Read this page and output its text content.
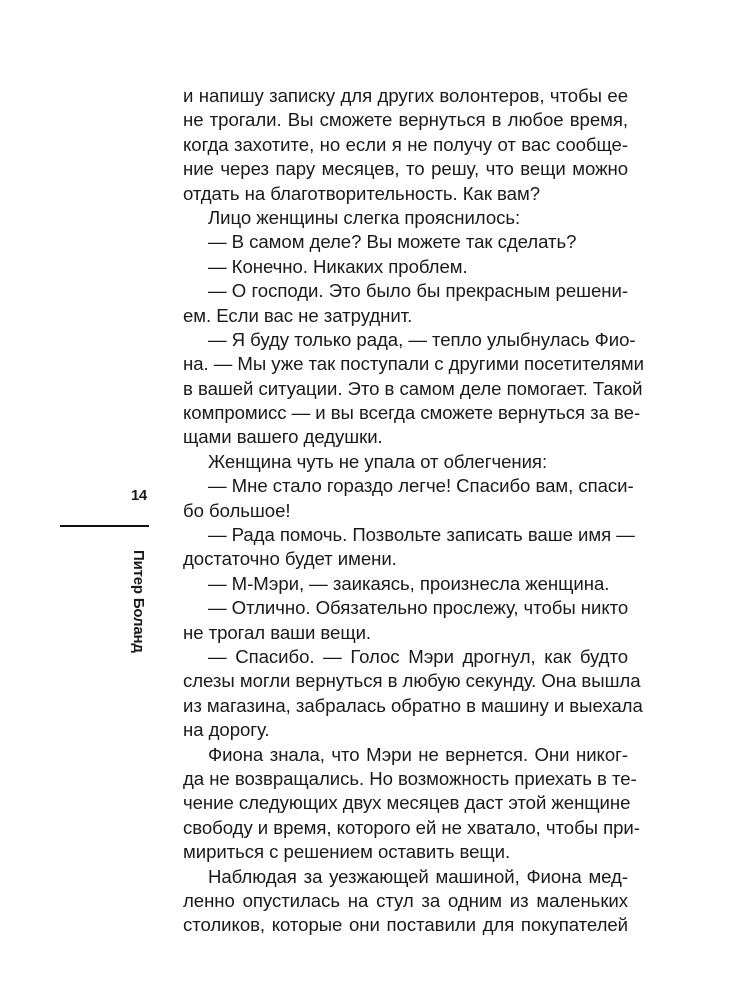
14
Питер Боланд
и напишу записку для других волонтеров, чтобы ее
не трогали. Вы сможете вернуться в любое время,
когда захотите, но если я не получу от вас сообще-
ние через пару месяцев, то решу, что вещи можно
отдать на благотворительность. Как вам?
Лицо женщины слегка прояснилось:
— В самом деле? Вы можете так сделать?
— Конечно. Никаких проблем.
— О господи. Это было бы прекрасным решени-
ем. Если вас не затруднит.
— Я буду только рада, — тепло улыбнулась Фио-
на. — Мы уже так поступали с другими посетителями
в вашей ситуации. Это в самом деле помогает. Такой
компромисс — и вы всегда сможете вернуться за ве-
щами вашего дедушки.
Женщина чуть не упала от облегчения:
— Мне стало гораздо легче! Спасибо вам, спаси-
бо большое!
— Рада помочь. Позвольте записать ваше имя —
достаточно будет имени.
— М-Мэри, — заикаясь, произнесла женщина.
— Отлично. Обязательно прослежу, чтобы никто
не трогал ваши вещи.
— Спасибо. — Голос Мэри дрогнул, как будто
слезы могли вернуться в любую секунду. Она вышла
из магазина, забралась обратно в машину и выехала
на дорогу.
Фиона знала, что Мэри не вернется. Они никог-
да не возвращались. Но возможность приехать в те-
чение следующих двух месяцев даст этой женщине
свободу и время, которого ей не хватало, чтобы при-
мириться с решением оставить вещи.
Наблюдая за уезжающей машиной, Фиона мед-
ленно опустилась на стул за одним из маленьких
столиков, которые они поставили для покупателей
